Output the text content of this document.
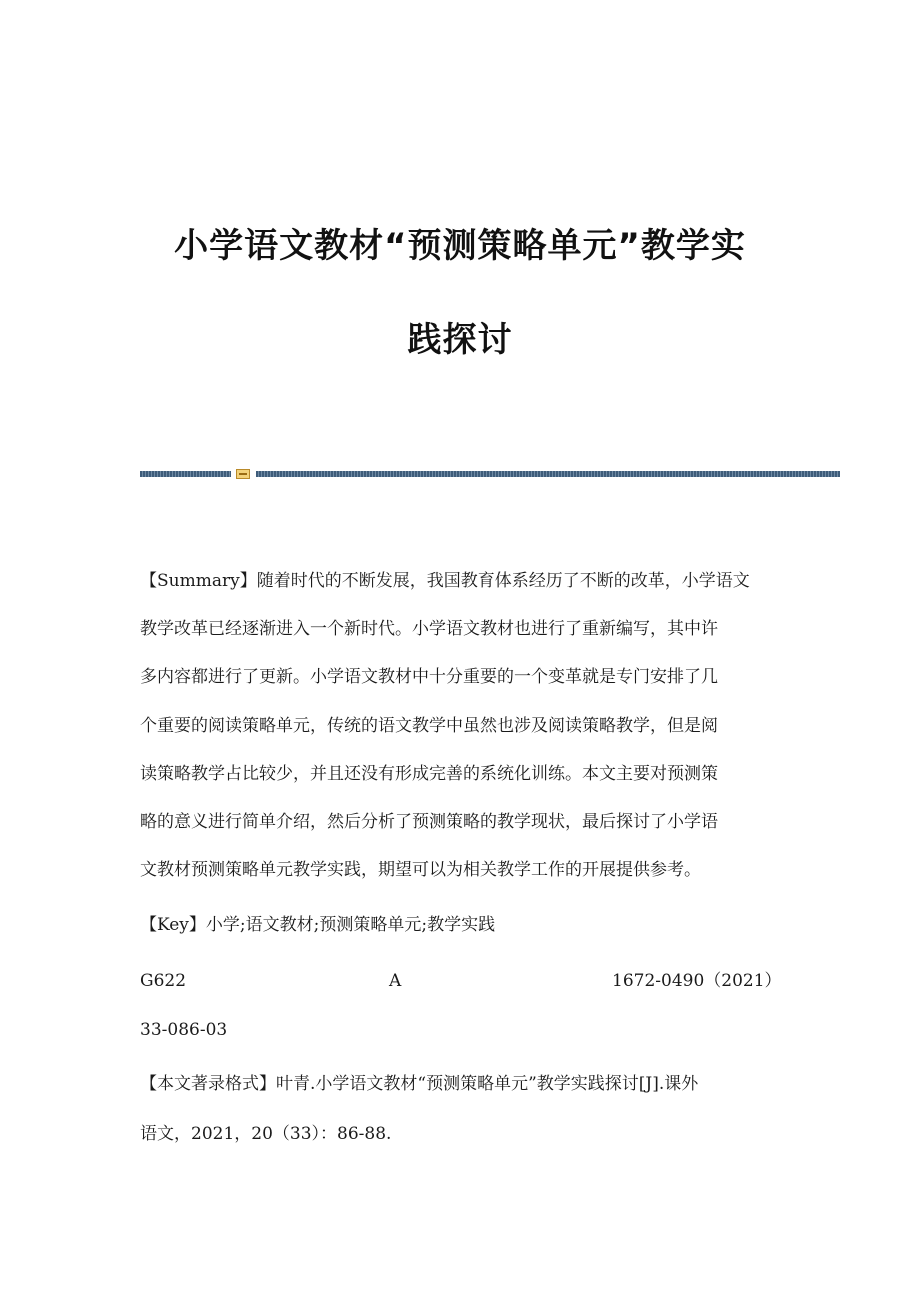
小学语文教材“预测策略单元”教学实
践探讨
【Summary】随着时代的不断发展，我国教育体系经历了不断的改革，小学语文
教学改革已经逐渐进入一个新时代。小学语文教材也进行了重新编写，其中许
多内容都进行了更新。小学语文教材中十分重要的一个变革就是专门安排了几
个重要的阅读策略单元，传统的语文教学中虽然也涉及阅读策略教学，但是阅
读策略教学占比较少，并且还没有形成完善的系统化训练。本文主要对预测策
略的意义进行简单介绍，然后分析了预测策略的教学现状，最后探讨了小学语
文教材预测策略单元教学实践，期望可以为相关教学工作的开展提供参考。
【Key】小学;语文教材;预测策略单元;教学实践
G622	A	1672-0490（2021）
33-086-03
【本文著录格式】叶青.小学语文教材“预测策略单元”教学实践探讨[J].课外
语文，2021，20（33）：86-88.
